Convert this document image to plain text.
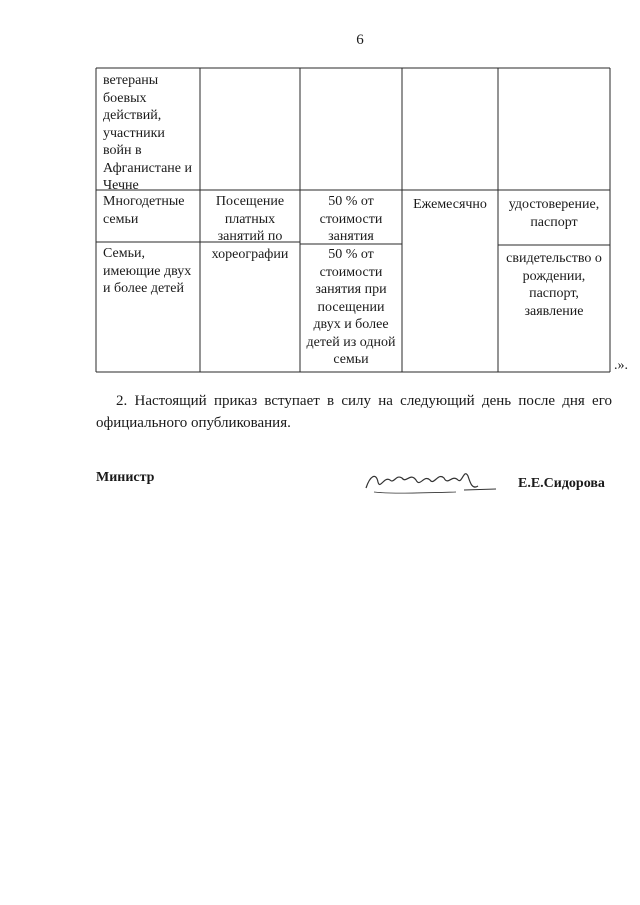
6
ветераны боевых действий, участники войн в Афганистане и Чечне
Многодетные семьи
Посещение платных занятий по хореографии
50 % от стоимости занятия
Ежемесячно	удостоверение, паспорт
Семьи, имеющие двух и более детей
50 % от стоимости занятия при посещении двух и более детей из одной семьи
свидетельство о рождении, паспорт, заявление
.».
2. Настоящий приказ вступает в силу на следующий день после дня его официального опубликования.
Министр	Е.Е.Сидорова
